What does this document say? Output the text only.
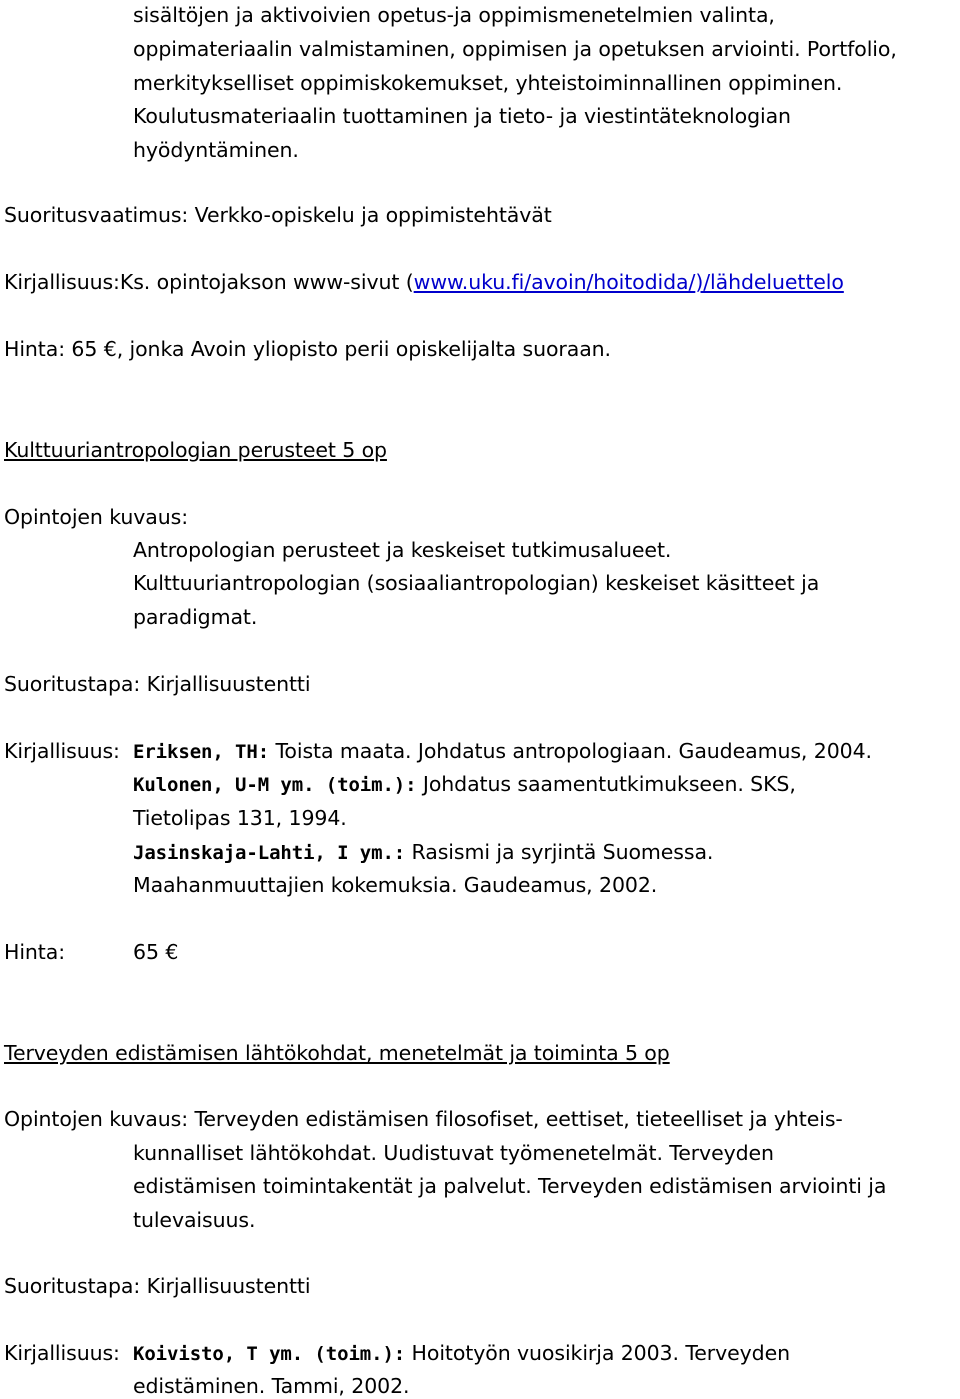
sisältöjen ja aktivoivien opetus-ja oppimismenetelmien valinta,
oppimateriaalin valmistaminen, oppimisen ja opetuksen arviointi. Portfolio,
merkitykselliset oppimiskokemukset, yhteistoiminnallinen oppiminen.
Koulutusmateriaalin tuottaminen ja tieto- ja viestintäteknologian
hyödyntäminen.
Suoritusvaatimus: Verkko-opiskelu ja oppimistehtävät
Kirjallisuus:Ks. opintojakson www-sivut (www.uku.fi/avoin/hoitodida/)/lähdeluettelo
Hinta: 65 €, jonka Avoin yliopisto perii opiskelijalta suoraan.
Kulttuuriantropologian perusteet 5 op
Opintojen kuvaus:
Antropologian perusteet ja keskeiset tutkimusalueet.
Kulttuuriantropologian (sosiaaliantropologian) keskeiset käsitteet ja
paradigmat.
Suoritustapa: Kirjallisuustentti
Kirjallisuus: Eriksen, TH: Toista maata. Johdatus antropologiaan. Gaudeamus, 2004.
Kulonen, U-M ym. (toim.): Johdatus saamentutkimukseen. SKS,
Tietolipas 131, 1994.
Jasinskaja-Lahti, I ym.: Rasismi ja syrjintä Suomessa.
Maahanmuuttajien kokemuksia. Gaudeamus, 2002.
Hinta:	65 €
Terveyden edistämisen lähtökohdat, menetelmät ja toiminta 5 op
Opintojen kuvaus: Terveyden edistämisen filosofiset, eettiset, tieteelliset ja yhteis-
kunnalliset lähtökohdat. Uudistuvat työmenetelmät. Terveyden
edistämisen toimintakentät ja palvelut. Terveyden edistämisen arviointi ja
tulevaisuus.
Suoritustapa: Kirjallisuustentti
Kirjallisuus: Koivisto, T ym. (toim.): Hoitotyön vuosikirja 2003. Terveyden
edistäminen. Tammi, 2002.
